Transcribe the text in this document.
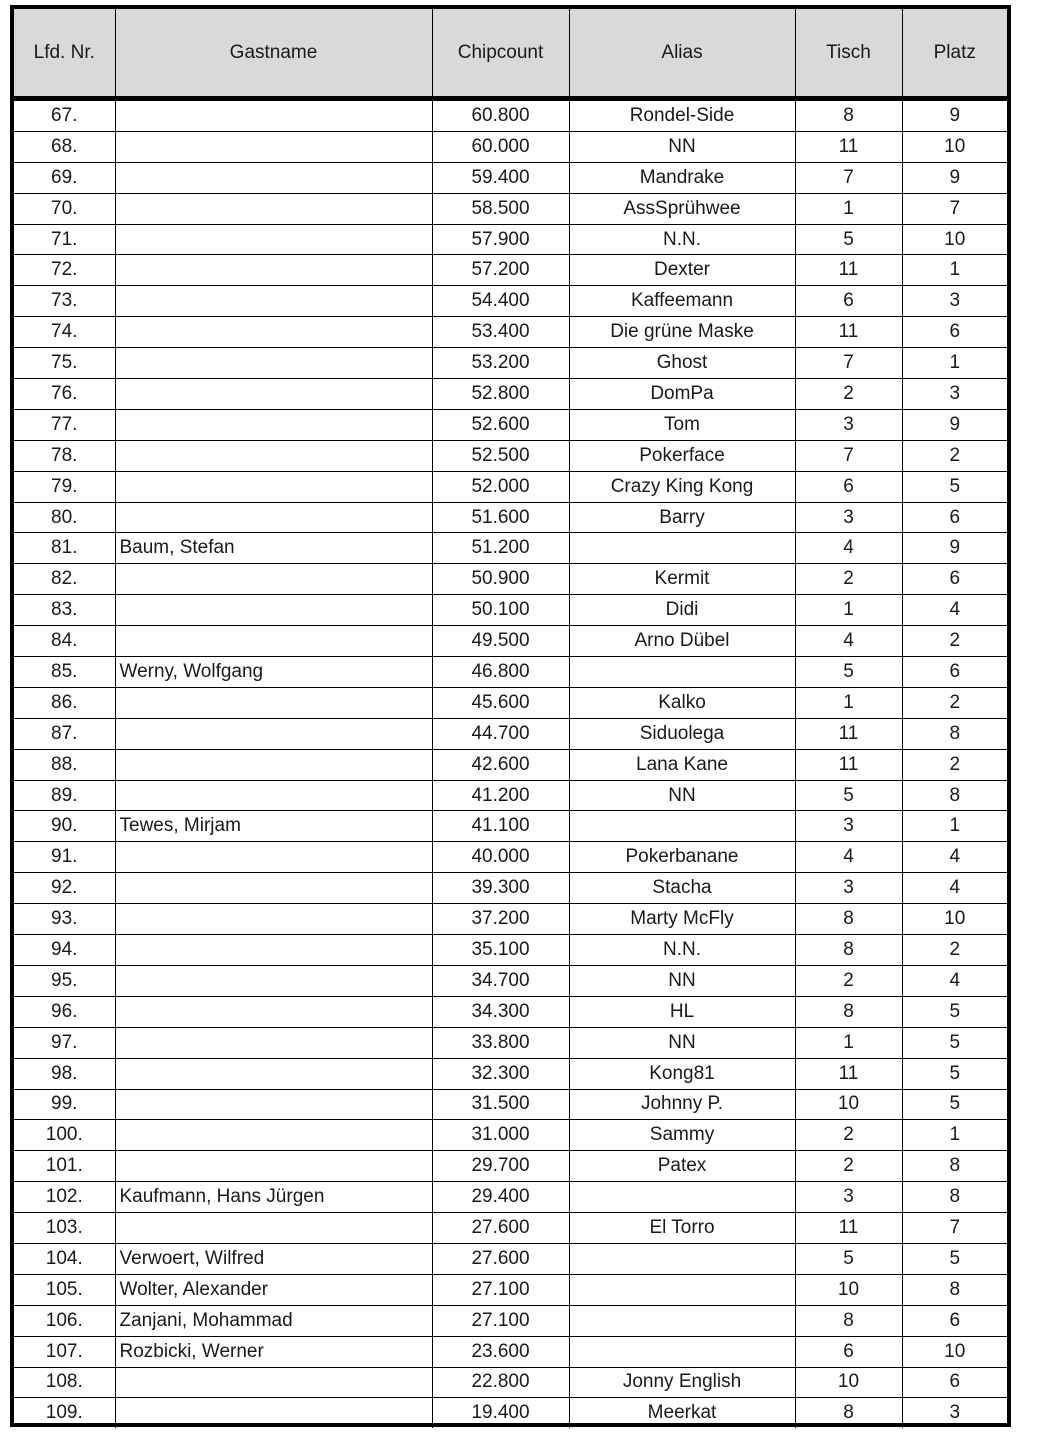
Lfd. Nr.	Gastname	Chipcount	Alias	Tisch	Platz
67.		60.800	Rondel-Side	8	9
68.		60.000	NN	11	10
69.		59.400	Mandrake	7	9
70.		58.500	AssSprühwee	1	7
71.		57.900	N.N.	5	10
72.		57.200	Dexter	11	1
73.		54.400	Kaffeemann	6	3
74.		53.400	Die grüne Maske	11	6
75.		53.200	Ghost	7	1
76.		52.800	DomPa	2	3
77.		52.600	Tom	3	9
78.		52.500	Pokerface	7	2
79.		52.000	Crazy King Kong	6	5
80.		51.600	Barry	3	6
81.	Baum, Stefan	51.200		4	9
82.		50.900	Kermit	2	6
83.		50.100	Didi	1	4
84.		49.500	Arno Dübel	4	2
85.	Werny, Wolfgang	46.800		5	6
86.		45.600	Kalko	1	2
87.		44.700	Siduolega	11	8
88.		42.600	Lana Kane	11	2
89.		41.200	NN	5	8
90.	Tewes, Mirjam	41.100		3	1
91.		40.000	Pokerbanane	4	4
92.		39.300	Stacha	3	4
93.		37.200	Marty McFly	8	10
94.		35.100	N.N.	8	2
95.		34.700	NN	2	4
96.		34.300	HL	8	5
97.		33.800	NN	1	5
98.		32.300	Kong81	11	5
99.		31.500	Johnny P.	10	5
100.		31.000	Sammy	2	1
101.		29.700	Patex	2	8
102.	Kaufmann, Hans Jürgen	29.400		3	8
103.		27.600	El Torro	11	7
104.	Verwoert, Wilfred	27.600		5	5
105.	Wolter, Alexander	27.100		10	8
106.	Zanjani, Mohammad	27.100		8	6
107.	Rozbicki, Werner	23.600		6	10
108.		22.800	Jonny English	10	6
109.		19.400	Meerkat	8	3
